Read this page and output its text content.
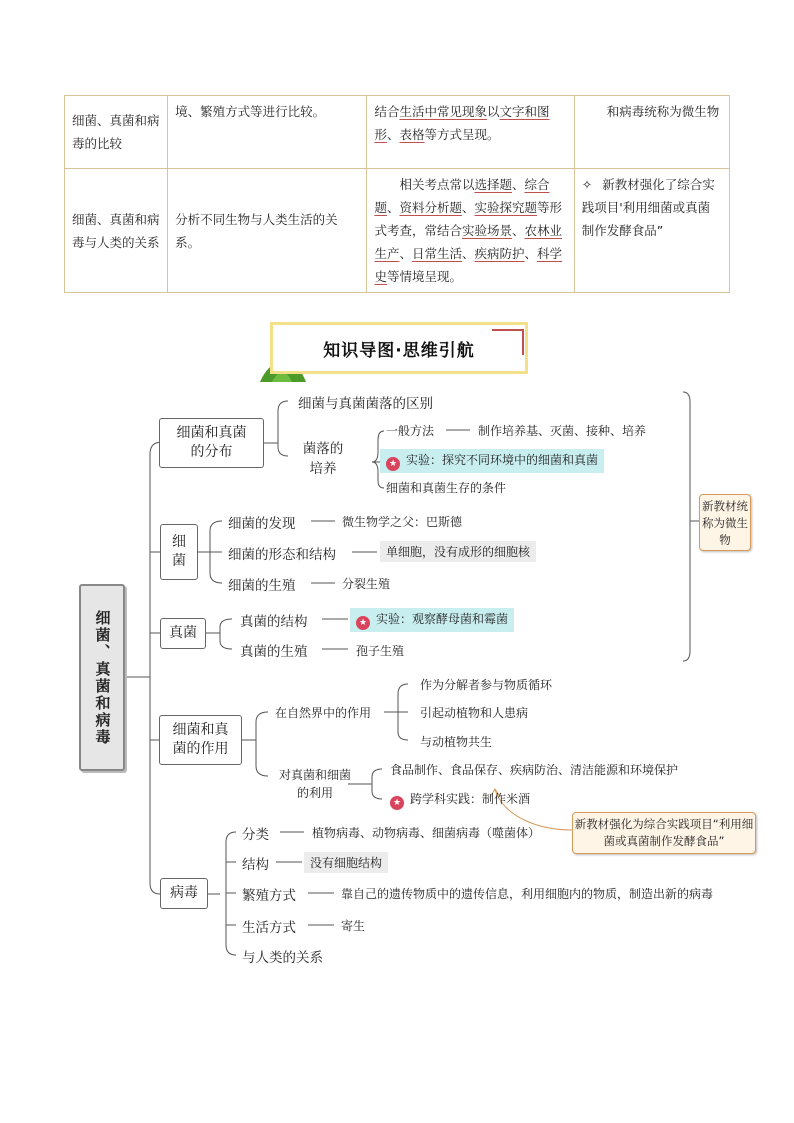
细菌、真菌和病毒的比较	境、繁殖方式等进行比较。	结合生活中常见现象以文字和图形、表格等方式呈现。	和病毒统称为微生物
细菌、真菌和病毒与人类的关系	分析不同生物与人类生活的关系。	相关考点常以选择题、综合题、资料分析题、实验探究题等形式考查，常结合实验场景、农林业生产、日常生活、疾病防护、科学史等情境呈现。	✧ 新教材强化了综合实践项目'利用细菌或真菌制作发酵食品”
知识导图·思维引航
细菌、真菌和病毒
细菌和真菌的分布
细菌与真菌菌落的区别
菌落的培养
一般方法	制作培养基、灭菌、接种、培养
★ 实验：探究不同环境中的细菌和真菌
细菌和真菌生存的条件
细菌
细菌的发现	微生物学之父：巴斯德
细菌的形态和结构	单细胞，没有成形的细胞核
细菌的生殖	分裂生殖
真菌
真菌的结构	★ 实验：观察酵母菌和霉菌
真菌的生殖	孢子生殖
新教材统称为微生物
细菌和真菌的作用
在自然界中的作用
作为分解者参与物质循环
引起动植物和人患病
与动植物共生
对真菌和细菌的利用
食品制作、食品保存、疾病防治、清洁能源和环境保护
★ 跨学科实践：制作米酒
新教材强化为综合实践项目“利用细菌或真菌制作发酵食品”
病毒
分类	植物病毒、动物病毒、细菌病毒（噬菌体）
结构	没有细胞结构
繁殖方式	靠自己的遗传物质中的遗传信息，利用细胞内的物质，制造出新的病毒
生活方式	寄生
与人类的关系
